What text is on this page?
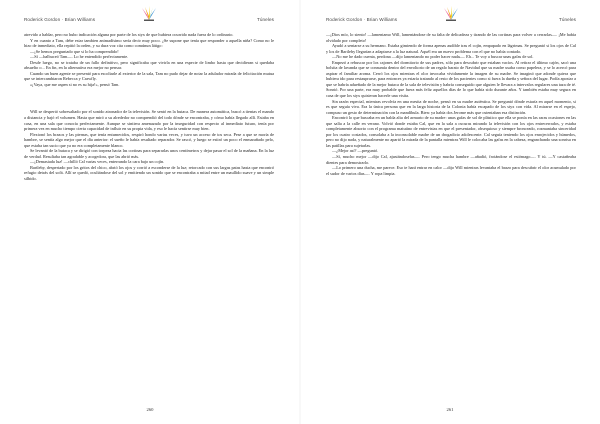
Roderick Gordon · Brian Williams	Túneles

atrevido a hablar, pero no hubo indicación alguna por parte de los styx de que hubiera ocurrido nada fuera de lo ordinario.

Y en cuanto a Tam, debe estar tambien animadísimo sería decir muy poco. ¿Se supone que tenía que responder a aquella niña? Como no le hizo de inmediato, ella repitió la orden, y su dura voz cita como comúnun látigo:

—¡Se hemos preguntado que si lo ha comprendido!

—Sí —balbuceó Tam—. Lo he entendido perfectamente.

Desde luego, no se trataba de un fallo definitivo, pero significaba que vivirla en una especie de limbo hasta que decidieran si quedaba absuelto o... En fin, en la alternativa era mejor no pensar.

Cuando un buen agente se presentó para escoltarle al exterior de la sala, Tam no pudo dejar de notar la adulador mirada de felicitación mutua que se intercambiaron Rebecca y Crawfly.

«¡Vaya, que me aspen si no es su hija!», pensó Tam.

Will se despertó sobresaltado por el sonido atronador de la televisión. Se sentó en la butaca. De manera automática, buscó a tientas el mando a distancia y bajó el volumen. Hasta que miró a su alrededor no comprendió del todo dónde se encontraba, y cómo había llegado allí. Estaba en casa, en una sala que conocía perfectamente. Aunque se sintiera amenazado por la inseguridad con respecto al inmediato futuro, tenía por primera vez en mucho tiempo cierta capacidad de influir en su propia vida, y eso le hacía sentirse muy bien.

Flexionó los brazos y las piernas, que tenía entumecidos, respiró hondo varias veces, y tuvo un acceso de tos seca. Pese a que se moría de hambre, se sentía algo mejor que el día anterior: el sueño le había resultado reparador. Se rascó, y luego se estiró un poco el enmarañado pelo, que estaba tan sucio que ya no era completamente blanco.

Se levantó de la butaca y se dirigió con torpeza hacia las cortinas para separarlas unos centímetros y dejar pasar el sol de la mañana. En la luz de verdad. Resultaba tan agradable y acogedora, que las abrió más.

—¡Demasiada luz! —chilló Cal varias veces, enterrando la cara bajo un cojín.

Bartleby, despertado por los gritos del chico, abrió los ojos y corrió a esconderse de la luz; retorcado con sus largas patas hasta que encontró refugio detrás del sofá. Allí se quedó, ocultándose del sol y emitiendo un sonido que se encontraba a mitad entre un maullido suave y un simple silbido.

260
Roderick Gordon · Brian Williams	Túneles

—¡Dios mío, lo siento! —lamentamo Will, lamentándose de su falta de delicadeza y tirando de las cortinas para volver a cerrarlas—. ¡Me había olvidado por completo!

Ayudó a sentarse a su hermano. Estaba gimiendo de forma apenas audible tras el cojín, empapado en lágrimas. Se preguntó si los ojos de Cal y los de Bartleby llegarían a adaptarse a la luz natural. Aquél era un nuevo problema con el que no había contado.

—No me he dado cuenta, perdona —dijo lamentando no poder hacer nada—. Eh... Te voy a buscar unas gafas de sol.

Empezó a rebuscar por los cajones del dormitorio de sus padres, sólo para descubrir que estaban vacíos. Al retirar el último cajón, sacó una bolsita de lavanda que se consumía dentro del envoltorio de un regalo barato de Navidad que su madre usaba como papelera, y se lo acercó para aspirar el familiar aroma. Cerró los ojos mientras el olor invocaba vívidamente la imagen de su madre. Se imaginó que adonde quiera que hubiera ido para restauprarse, para entonces ya estaría tratando al resto de los pacientes como si fuera la dueña y señora del lugar. Podía apostar a que se habría adueñado de la mejor butaca de la sala de televisión y habría conseguido que alguien le llevara a intervalos regulares una taza de té. Sonrió. Por una parte, era muy probable que fuera más feliz aquellos días de lo que había sido durante años. Y también estaba muy segura en casa de que los styx quisieran hacerle una visita.

Sin razón especial, mientras revolvía en una mesita de noche, pensó en su madre auténtica. Se preguntó dónde estaría en aquel momento, si es que seguía viva. Era la única persona que en la larga historia de la Colonia había escapado de los styx con vida. Al mirarse en el espejo, compuso un gesto de determinación con la mandíbula. Bien: ya había dos Jerome más que ostentaban esa distinción.

Encontró lo que buscaba en un balda alta del armario de su madre: unas gafas de sol de plástico que ella se ponía en las raras ocasiones en las que salía a la calle en verano. Volvió donde estaba Cal, que en la sala a oscuras mirando la televisión con los ojos entrecerrados, y estaba completamente absorto con el programa matutino de entrevistas en que el presentador, obsequioso y siempre bronceado, rozmaniaba sinceridad por los cuatro costados, consolaba a la inconsolable madre de un drogadicto adolescente. Cal seguía teniendo los ojos enrojecidos y húmedos, pero no dijo nada, y naturalmente no apartó la mirada de la pantalla mientras Will le colocaba las gafas en la cabeza, enganchando una sonrisa en las patillas para sujetarlas.

—¿Mejor así? —preguntó.

—Sí, mucho mejor —dijo Cal, ajustándoselas—. Pero tengo mucha hambre —añadió, frotándose el estómago—. Y tú. —Y castañeaba dientes para demostrarlo.

—Lo primero una ducha, me parece. Eso te hará entrar en calor —dijo Will mientras levantaba el brazo para descubrir el olor acumulado por el sudor de varios días—. Y ropa limpia.

261
